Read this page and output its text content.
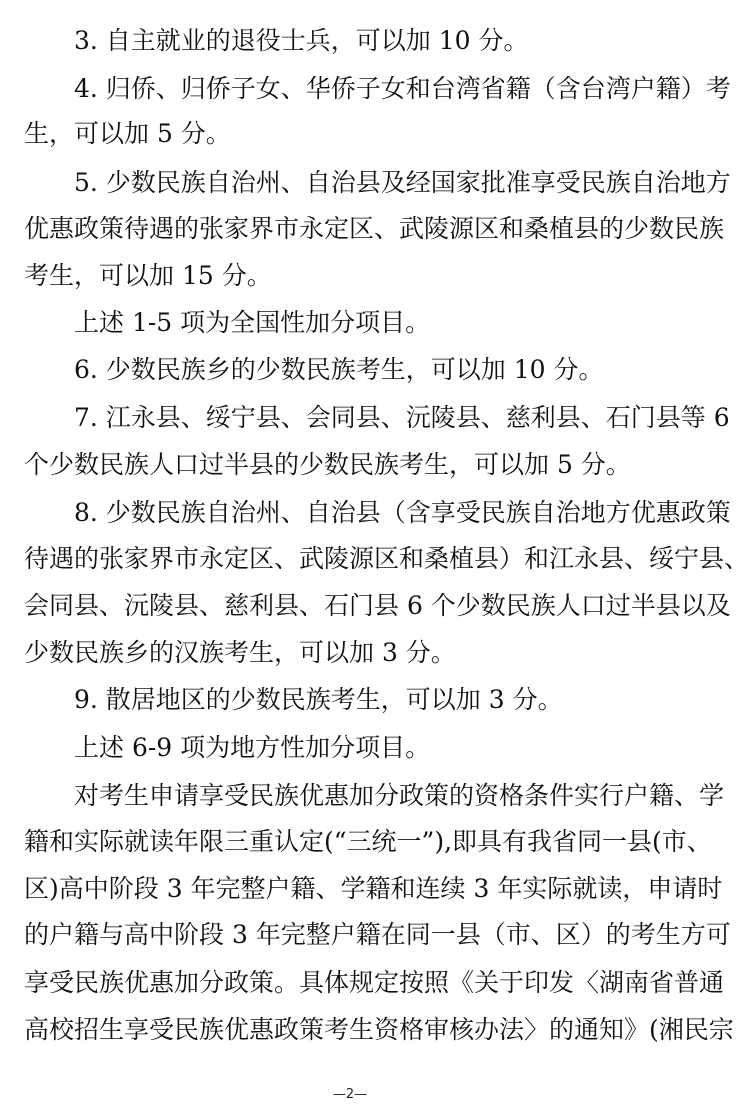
3. 自主就业的退役士兵，可以加 10 分。
4. 归侨、归侨子女、华侨子女和台湾省籍（含台湾户籍）考
生，可以加 5 分。
5. 少数民族自治州、自治县及经国家批准享受民族自治地方
优惠政策待遇的张家界市永定区、武陵源区和桑植县的少数民族
考生，可以加 15 分。
上述 1-5 项为全国性加分项目。
6. 少数民族乡的少数民族考生，可以加 10 分。
7. 江永县、绥宁县、会同县、沅陵县、慈利县、石门县等 6
个少数民族人口过半县的少数民族考生，可以加 5 分。
8. 少数民族自治州、自治县（含享受民族自治地方优惠政策
待遇的张家界市永定区、武陵源区和桑植县）和江永县、绥宁县、
会同县、沅陵县、慈利县、石门县 6 个少数民族人口过半县以及
少数民族乡的汉族考生，可以加 3 分。
9. 散居地区的少数民族考生，可以加 3 分。
上述 6-9 项为地方性加分项目。
对考生申请享受民族优惠加分政策的资格条件实行户籍、学
籍和实际就读年限三重认定(“三统一”),即具有我省同一县(市、
区)高中阶段 3 年完整户籍、学籍和连续 3 年实际就读，申请时
的户籍与高中阶段 3 年完整户籍在同一县（市、区）的考生方可
享受民族优惠加分政策。具体规定按照《关于印发〈湖南省普通
高校招生享受民族优惠政策考生资格审核办法〉的通知》(湘民宗
—2—
